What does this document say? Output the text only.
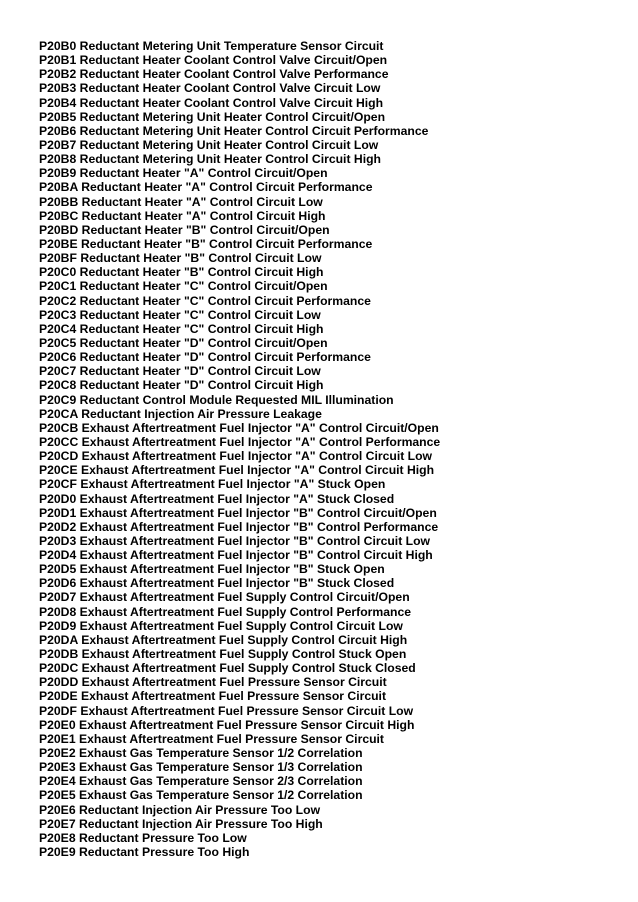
P20B0 Reductant Metering Unit Temperature Sensor Circuit
P20B1 Reductant Heater Coolant Control Valve Circuit/Open
P20B2 Reductant Heater Coolant Control Valve Performance
P20B3 Reductant Heater Coolant Control Valve Circuit Low
P20B4 Reductant Heater Coolant Control Valve Circuit High
P20B5 Reductant Metering Unit Heater Control Circuit/Open
P20B6 Reductant Metering Unit Heater Control Circuit Performance
P20B7 Reductant Metering Unit Heater Control Circuit Low
P20B8 Reductant Metering Unit Heater Control Circuit High
P20B9 Reductant Heater "A" Control Circuit/Open
P20BA Reductant Heater "A" Control Circuit Performance
P20BB Reductant Heater "A" Control Circuit Low
P20BC Reductant Heater "A" Control Circuit High
P20BD Reductant Heater "B" Control Circuit/Open
P20BE Reductant Heater "B" Control Circuit Performance
P20BF Reductant Heater "B" Control Circuit Low
P20C0 Reductant Heater "B" Control Circuit High
P20C1 Reductant Heater "C" Control Circuit/Open
P20C2 Reductant Heater "C" Control Circuit Performance
P20C3 Reductant Heater "C" Control Circuit Low
P20C4 Reductant Heater "C" Control Circuit High
P20C5 Reductant Heater "D" Control Circuit/Open
P20C6 Reductant Heater "D" Control Circuit Performance
P20C7 Reductant Heater "D" Control Circuit Low
P20C8 Reductant Heater "D" Control Circuit High
P20C9 Reductant Control Module Requested MIL Illumination
P20CA Reductant Injection Air Pressure Leakage
P20CB Exhaust Aftertreatment Fuel Injector "A" Control Circuit/Open
P20CC Exhaust Aftertreatment Fuel Injector "A" Control Performance
P20CD Exhaust Aftertreatment Fuel Injector "A" Control Circuit Low
P20CE Exhaust Aftertreatment Fuel Injector "A" Control Circuit High
P20CF Exhaust Aftertreatment Fuel Injector "A" Stuck Open
P20D0 Exhaust Aftertreatment Fuel Injector "A" Stuck Closed
P20D1 Exhaust Aftertreatment Fuel Injector "B" Control Circuit/Open
P20D2 Exhaust Aftertreatment Fuel Injector "B" Control Performance
P20D3 Exhaust Aftertreatment Fuel Injector "B" Control Circuit Low
P20D4 Exhaust Aftertreatment Fuel Injector "B" Control Circuit High
P20D5 Exhaust Aftertreatment Fuel Injector "B" Stuck Open
P20D6 Exhaust Aftertreatment Fuel Injector "B" Stuck Closed
P20D7 Exhaust Aftertreatment Fuel Supply Control Circuit/Open
P20D8 Exhaust Aftertreatment Fuel Supply Control Performance
P20D9 Exhaust Aftertreatment Fuel Supply Control Circuit Low
P20DA Exhaust Aftertreatment Fuel Supply Control Circuit High
P20DB Exhaust Aftertreatment Fuel Supply Control Stuck Open
P20DC Exhaust Aftertreatment Fuel Supply Control Stuck Closed
P20DD Exhaust Aftertreatment Fuel Pressure Sensor Circuit
P20DE Exhaust Aftertreatment Fuel Pressure Sensor Circuit
P20DF Exhaust Aftertreatment Fuel Pressure Sensor Circuit Low
P20E0 Exhaust Aftertreatment Fuel Pressure Sensor Circuit High
P20E1 Exhaust Aftertreatment Fuel Pressure Sensor Circuit
P20E2 Exhaust Gas Temperature Sensor 1/2 Correlation
P20E3 Exhaust Gas Temperature Sensor 1/3 Correlation
P20E4 Exhaust Gas Temperature Sensor 2/3 Correlation
P20E5 Exhaust Gas Temperature Sensor 1/2 Correlation
P20E6 Reductant Injection Air Pressure Too Low
P20E7 Reductant Injection Air Pressure Too High
P20E8 Reductant Pressure Too Low
P20E9 Reductant Pressure Too High
